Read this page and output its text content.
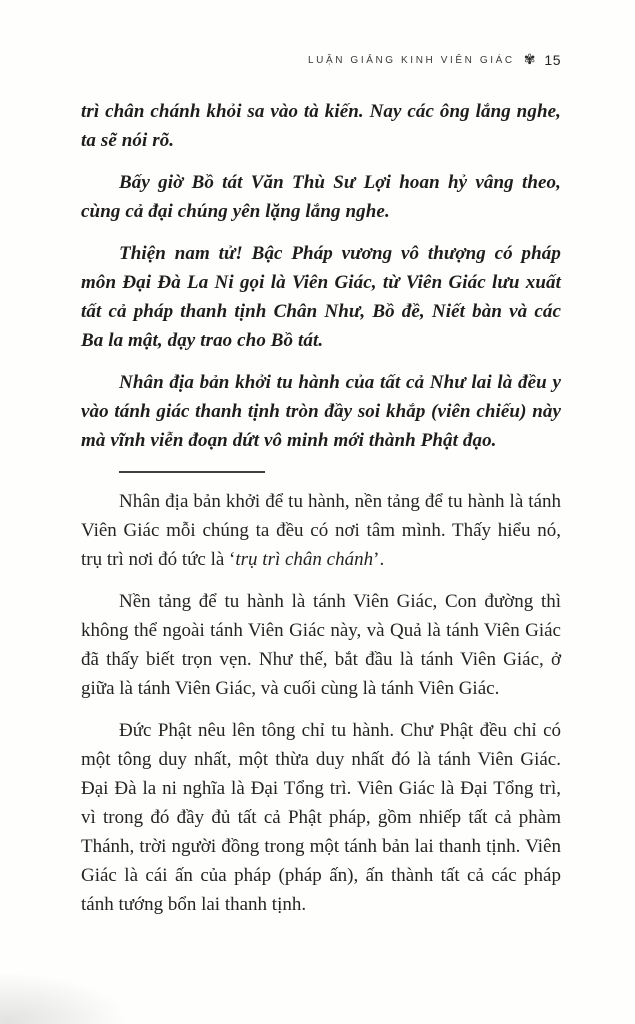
LUẬN GIẢNG KINH VIÊN GIÁC ✾ 15

trì chân chánh khỏi sa vào tà kiến. Nay các ông lắng nghe, ta sẽ nói rõ.

Bấy giờ Bồ tát Văn Thù Sư Lợi hoan hỷ vâng theo, cùng cả đại chúng yên lặng lắng nghe.

Thiện nam tử! Bậc Pháp vương vô thượng có pháp môn Đại Đà La Ni gọi là Viên Giác, từ Viên Giác lưu xuất tất cả pháp thanh tịnh Chân Như, Bồ đề, Niết bàn và các Ba la mật, dạy trao cho Bồ tát.

Nhân địa bản khởi tu hành của tất cả Như lai là đều y vào tánh giác thanh tịnh tròn đầy soi khắp (viên chiếu) này mà vĩnh viễn đoạn dứt vô minh mới thành Phật đạo.

Nhân địa bản khởi để tu hành, nền tảng để tu hành là tánh Viên Giác mỗi chúng ta đều có nơi tâm mình. Thấy hiểu nó, trụ trì nơi đó tức là ‘trụ trì chân chánh’.

Nền tảng để tu hành là tánh Viên Giác, Con đường thì không thể ngoài tánh Viên Giác này, và Quả là tánh Viên Giác đã thấy biết trọn vẹn. Như thế, bắt đầu là tánh Viên Giác, ở giữa là tánh Viên Giác, và cuối cùng là tánh Viên Giác.

Đức Phật nêu lên tông chỉ tu hành. Chư Phật đều chỉ có một tông duy nhất, một thừa duy nhất đó là tánh Viên Giác. Đại Đà la ni nghĩa là Đại Tổng trì. Viên Giác là Đại Tổng trì, vì trong đó đầy đủ tất cả Phật pháp, gồm nhiếp tất cả phàm Thánh, trời người đồng trong một tánh bản lai thanh tịnh. Viên Giác là cái ấn của pháp (pháp ấn), ấn thành tất cả các pháp tánh tướng bổn lai thanh tịnh.
